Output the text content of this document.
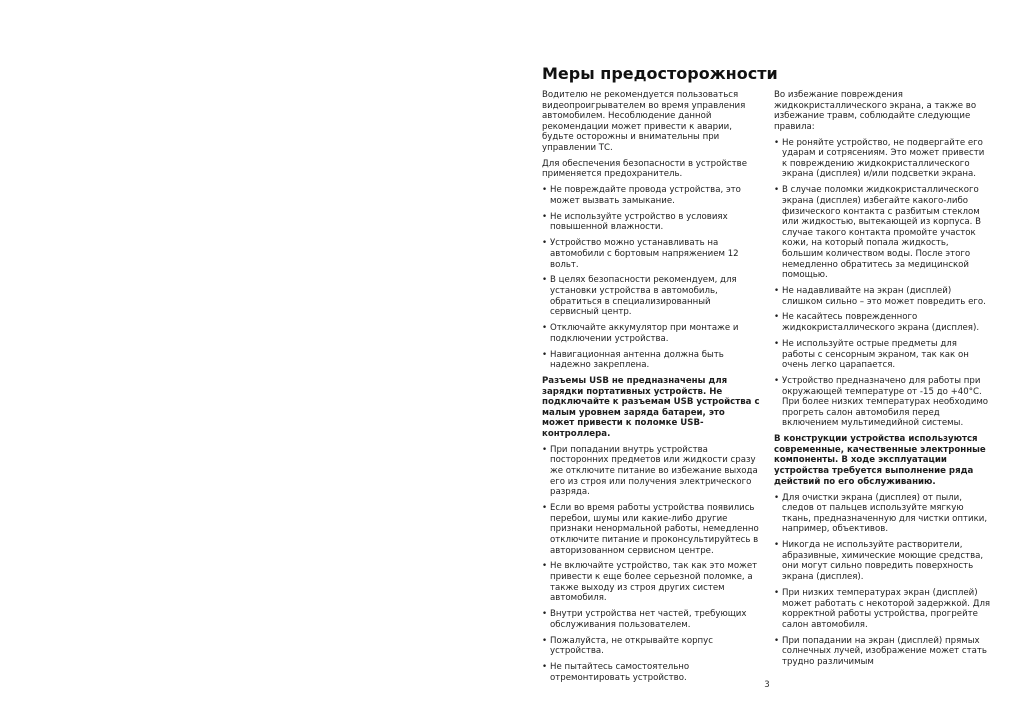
Меры предосторожности

Водителю не рекомендуется пользоваться видеопроигрывателем во время управления автомобилем. Несоблюдение данной рекомендации может привести к аварии, будьте осторожны и внимательны при управлении ТС.

Для обеспечения безопасности в устройстве применяется предохранитель.

• Не повреждайте провода устройства, это может вызвать замыкание.
• Не используйте устройство в условиях повышенной влажности.
• Устройство можно устанавливать на автомобили с бортовым напряжением 12 вольт.
• В целях безопасности рекомендуем, для установки устройства в автомобиль, обратиться в специализированный сервисный центр.
• Отключайте аккумулятор при монтаже и подключении устройства.
• Навигационная антенна должна быть надежно закреплена.

Разъемы USB не предназначены для зарядки портативных устройств. Не подключайте к разъемам USB устройства с малым уровнем заряда батареи, это может привести к поломке USB-контроллера.

• При попадании внутрь устройства посторонних предметов или жидкости сразу же отключите питание во избежание выхода его из строя или получения электрического разряда.
• Если во время работы устройства появились перебои, шумы или какие-либо другие признаки ненормальной работы, немедленно отключите питание и проконсультируйтесь в авторизованном сервисном центре.
• Не включайте устройство, так как это может привести к еще более серьезной поломке, а также выходу из строя других систем автомобиля.
• Внутри устройства нет частей, требующих обслуживания пользователем.
• Пожалуйста, не открывайте корпус устройства.
• Не пытайтесь самостоятельно отремонтировать устройство.

Во избежание повреждения жидкокристаллического экрана, а также во избежание травм, соблюдайте следующие правила:

• Не роняйте устройство, не подвергайте его ударам и сотрясениям. Это может привести к повреждению жидкокристаллического экрана (дисплея) и/или подсветки экрана.
• В случае поломки жидкокристаллического экрана (дисплея) избегайте какого-либо физического контакта с разбитым стеклом или жидкостью, вытекающей из корпуса. В случае такого контакта промойте участок кожи, на который попала жидкость, большим количеством воды. После этого немедленно обратитесь за медицинской помощью.
• Не надавливайте на экран (дисплей) слишком сильно – это может повредить его.
• Не касайтесь поврежденного жидкокристаллического экрана (дисплея).
• Не используйте острые предметы для работы с сенсорным экраном, так как он очень легко царапается.
• Устройство предназначено для работы при окружающей температуре от -15 до +40°С. При более низких температурах необходимо прогреть салон автомобиля перед включением мультимедийной системы.

В конструкции устройства используются современные, качественные электронные компоненты. В ходе эксплуатации устройства требуется выполнение ряда действий по его обслуживанию.

• Для очистки экрана (дисплея) от пыли, следов от пальцев используйте мягкую ткань, предназначенную для чистки оптики, например, объективов.
• Никогда не используйте растворители, абразивные, химические моющие средства, они могут сильно повредить поверхность экрана (дисплея).
• При низких температурах экран (дисплей) может работать с некоторой задержкой. Для корректной работы устройства, прогрейте салон автомобиля.
• При попадании на экран (дисплей) прямых солнечных лучей, изображение может стать трудно различимым
3
